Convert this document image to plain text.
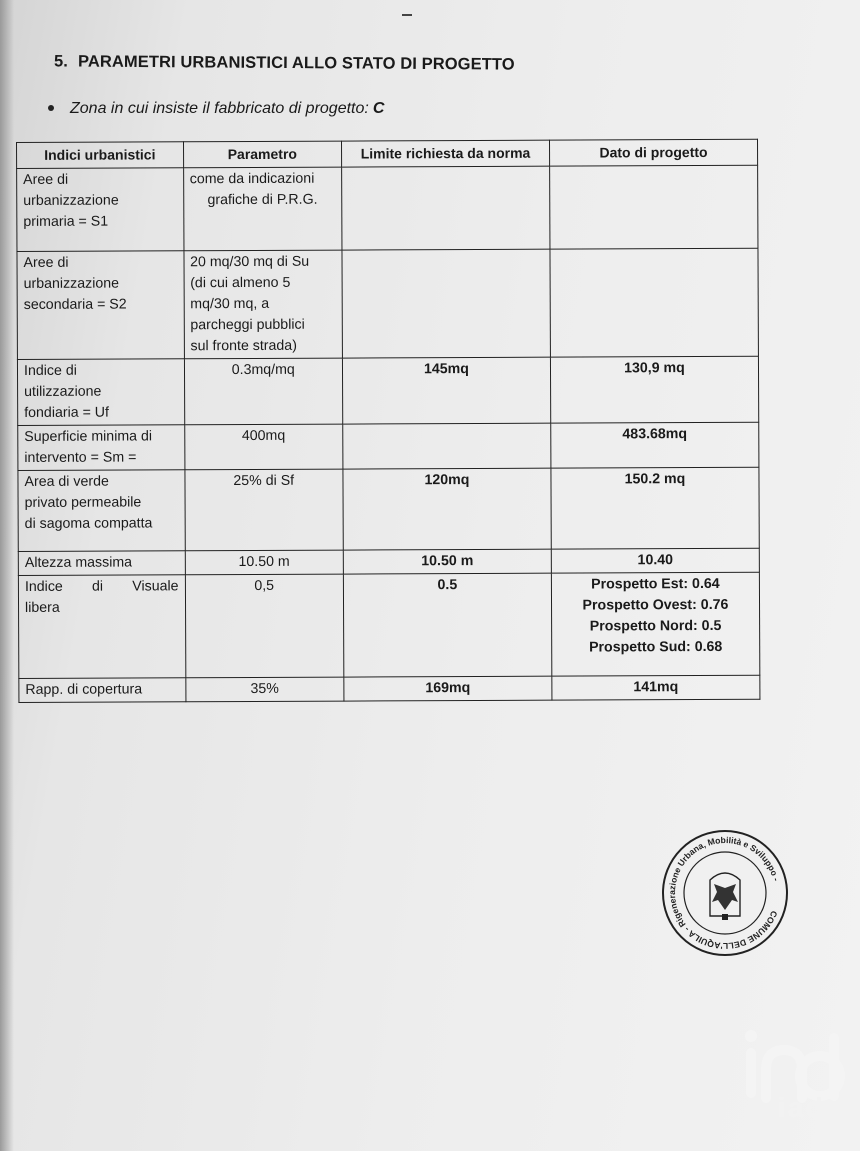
5. PARAMETRI URBANISTICI ALLO STATO DI PROGETTO
Zona in cui insiste il fabbricato di progetto: C
Indici urbanistici	Parametro	Limite richiesta da norma	Dato di progetto

Aree di
urbanizzazione
primaria = S1	come da indicazioni
grafiche di P.R.G.		

Aree di
urbanizzazione
secondaria = S2	20 mq/30 mq di Su
(di cui almeno 5
mq/30 mq, a
parcheggi pubblici
sul fronte strada)		

Indice di
utilizzazione
fondiaria = Uf	0.3mq/mq	145mq	130,9 mq

Superficie minima di
intervento = Sm =	400mq		483.68mq

Area di verde
privato permeabile
di sagoma compatta	25% di Sf	120mq	150.2 mq
Altezza massima	10.50 m	10.50 m	10.40

Indice di Visuale
libera	0,5	0.5	Prospetto Est: 0.64
Prospetto Ovest: 0.76
Prospetto Nord: 0.5
Prospetto Sud: 0.68

Rapp. di copertura	35%	169mq	141mq
COMUNE DELL'AQUILA - Rigenerazione Urbana, Mobilità e Sviluppo -
iad
